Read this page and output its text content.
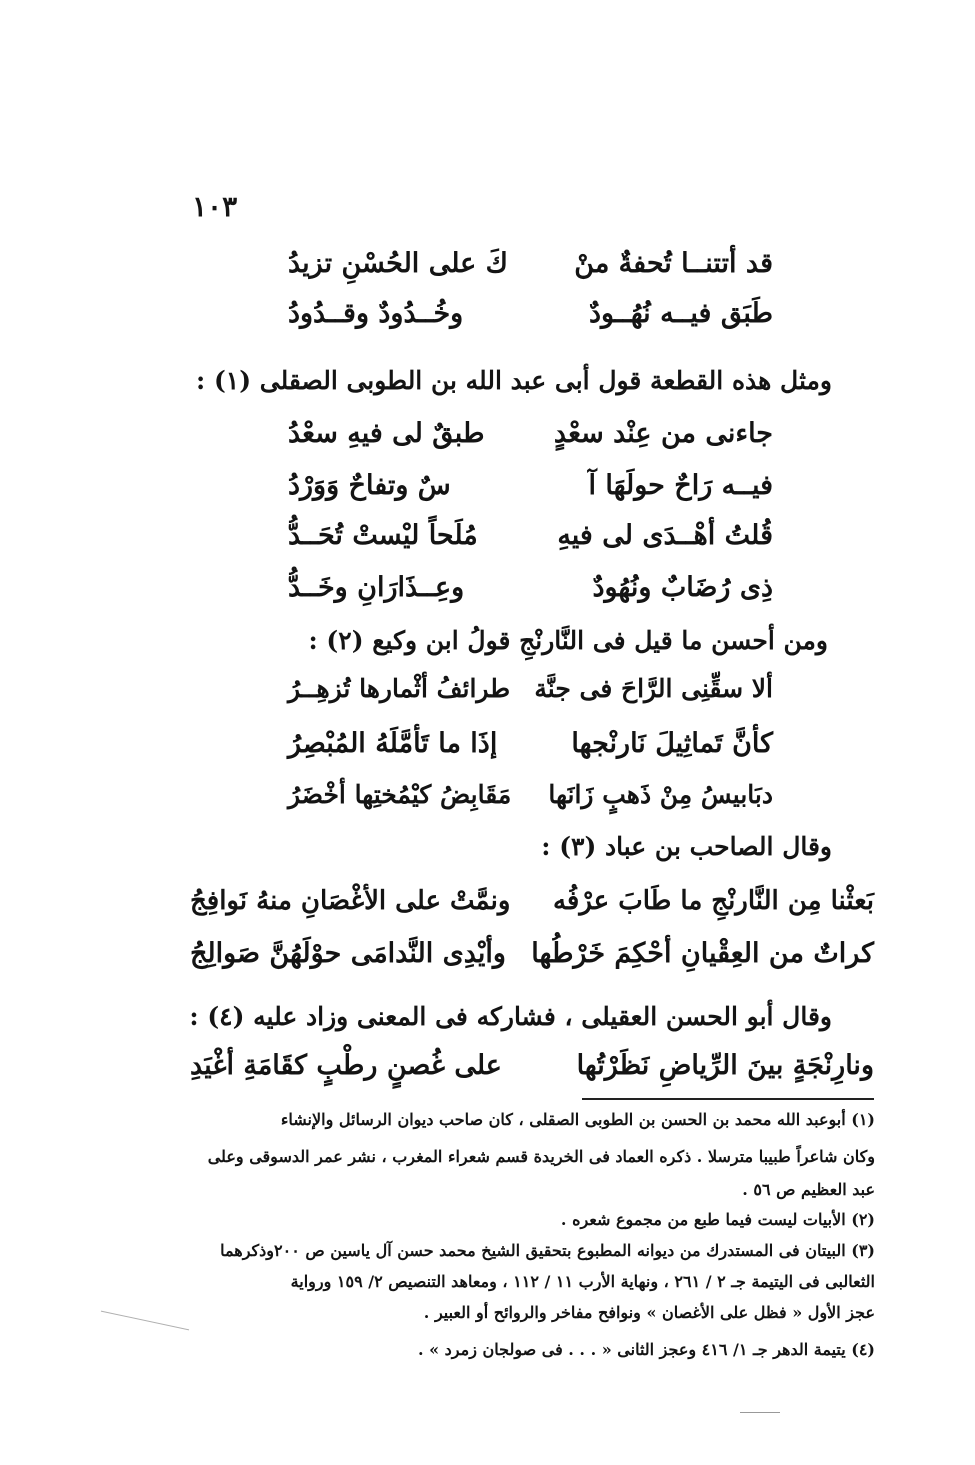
١٠٣
قد أتتنــا تُحفةٌ منْ
كَ على الحُسْنِ تزيدُ
طَبَق فيــه نُهُــودٌ
وخُــدُودٌ وقــدُودُ
ومثل هذه القطعة قول أبى عبد الله بن الطوبى الصقلى (١) :
جاءنى من عِنْد سعْدٍ
طبقٌ لى فيهِ سعْدُ
فيــه رَاحٌ حولَهَا آ
سٌ وتفاحٌ وَوَرْدُ
قُلتُ أهْــدَى لى فيهِ
مُلَحاً ليْستْ تُحَــدُّ
ذِى رُضَابٌ ونُهُودٌ
وعِــذَارَانِ وخَــدُّ
ومن أحسن ما قيل فى النَّارنْجِ قولُ ابن وكيع (٢) :
ألا سقِّنِى الرَّاحَ فى جنَّة
طرائفُ أثْمارها تُزهِــرُ
كأنَّ تَماثِيلَ نَارنْجها
إذَا ما تَأمَّلَهُ المُبْصِرُ
دبَابيسُ مِنْ ذَهبٍ زَانَها
مَقَابِضُ كيْمُختِها أخْضَرُ
وقال الصاحب بن عباد (٣) :
بَعثْنا مِن النَّارنْجِ ما طَابَ عرْفُه
ونمَّتْ على الأغْصَانِ منهُ نَوافِجُ
كراتٌ من العِقْيانِ أحْكِمَ خَرْطُها
وأيْدِى النَّدامَى حوْلَهُنَّ صَوالِجُ
وقال أبو الحسن العقيلى ، فشاركه فى المعنى وزاد عليه (٤) :
ونارِنْجَةٍ بينَ الرِّياضِ نَظَرْتُها
على غُصنٍ رطْبٍ كقَامَةِ أغْيَدِ
(١) أبوعبد الله محمد بن الحسن بن الطوبى الصقلى ، كان صاحب ديوان الرسائل والإنشاء
وكان شاعراً طبيبا مترسلا . ذكره العماد فى الخريدة قسم شعراء المغرب ، نشر عمر الدسوقى وعلى
عبد العظيم ص ٥٦ .
(٢) الأبيات ليست فيما طبع من مجموع شعره .
(٣) البيتان فى المستدرك من ديوانه المطبوع بتحقيق الشيخ محمد حسن آل ياسين ص ٢٠٠وذكرهما
الثعالبى فى اليتيمة جـ ٢ / ٢٦١ ، ونهاية الأرب ١١ / ١١٢ ، ومعاهد التنصيص ٢/ ١٥٩ ورواية
عجز الأول « فظل على الأغصان » ونوافح مفاخر والروائح أو العبير .
(٤) يتيمة الدهر جـ ١/ ٤١٦ وعجز الثانى « . . . فى صولجان زمرد » .
